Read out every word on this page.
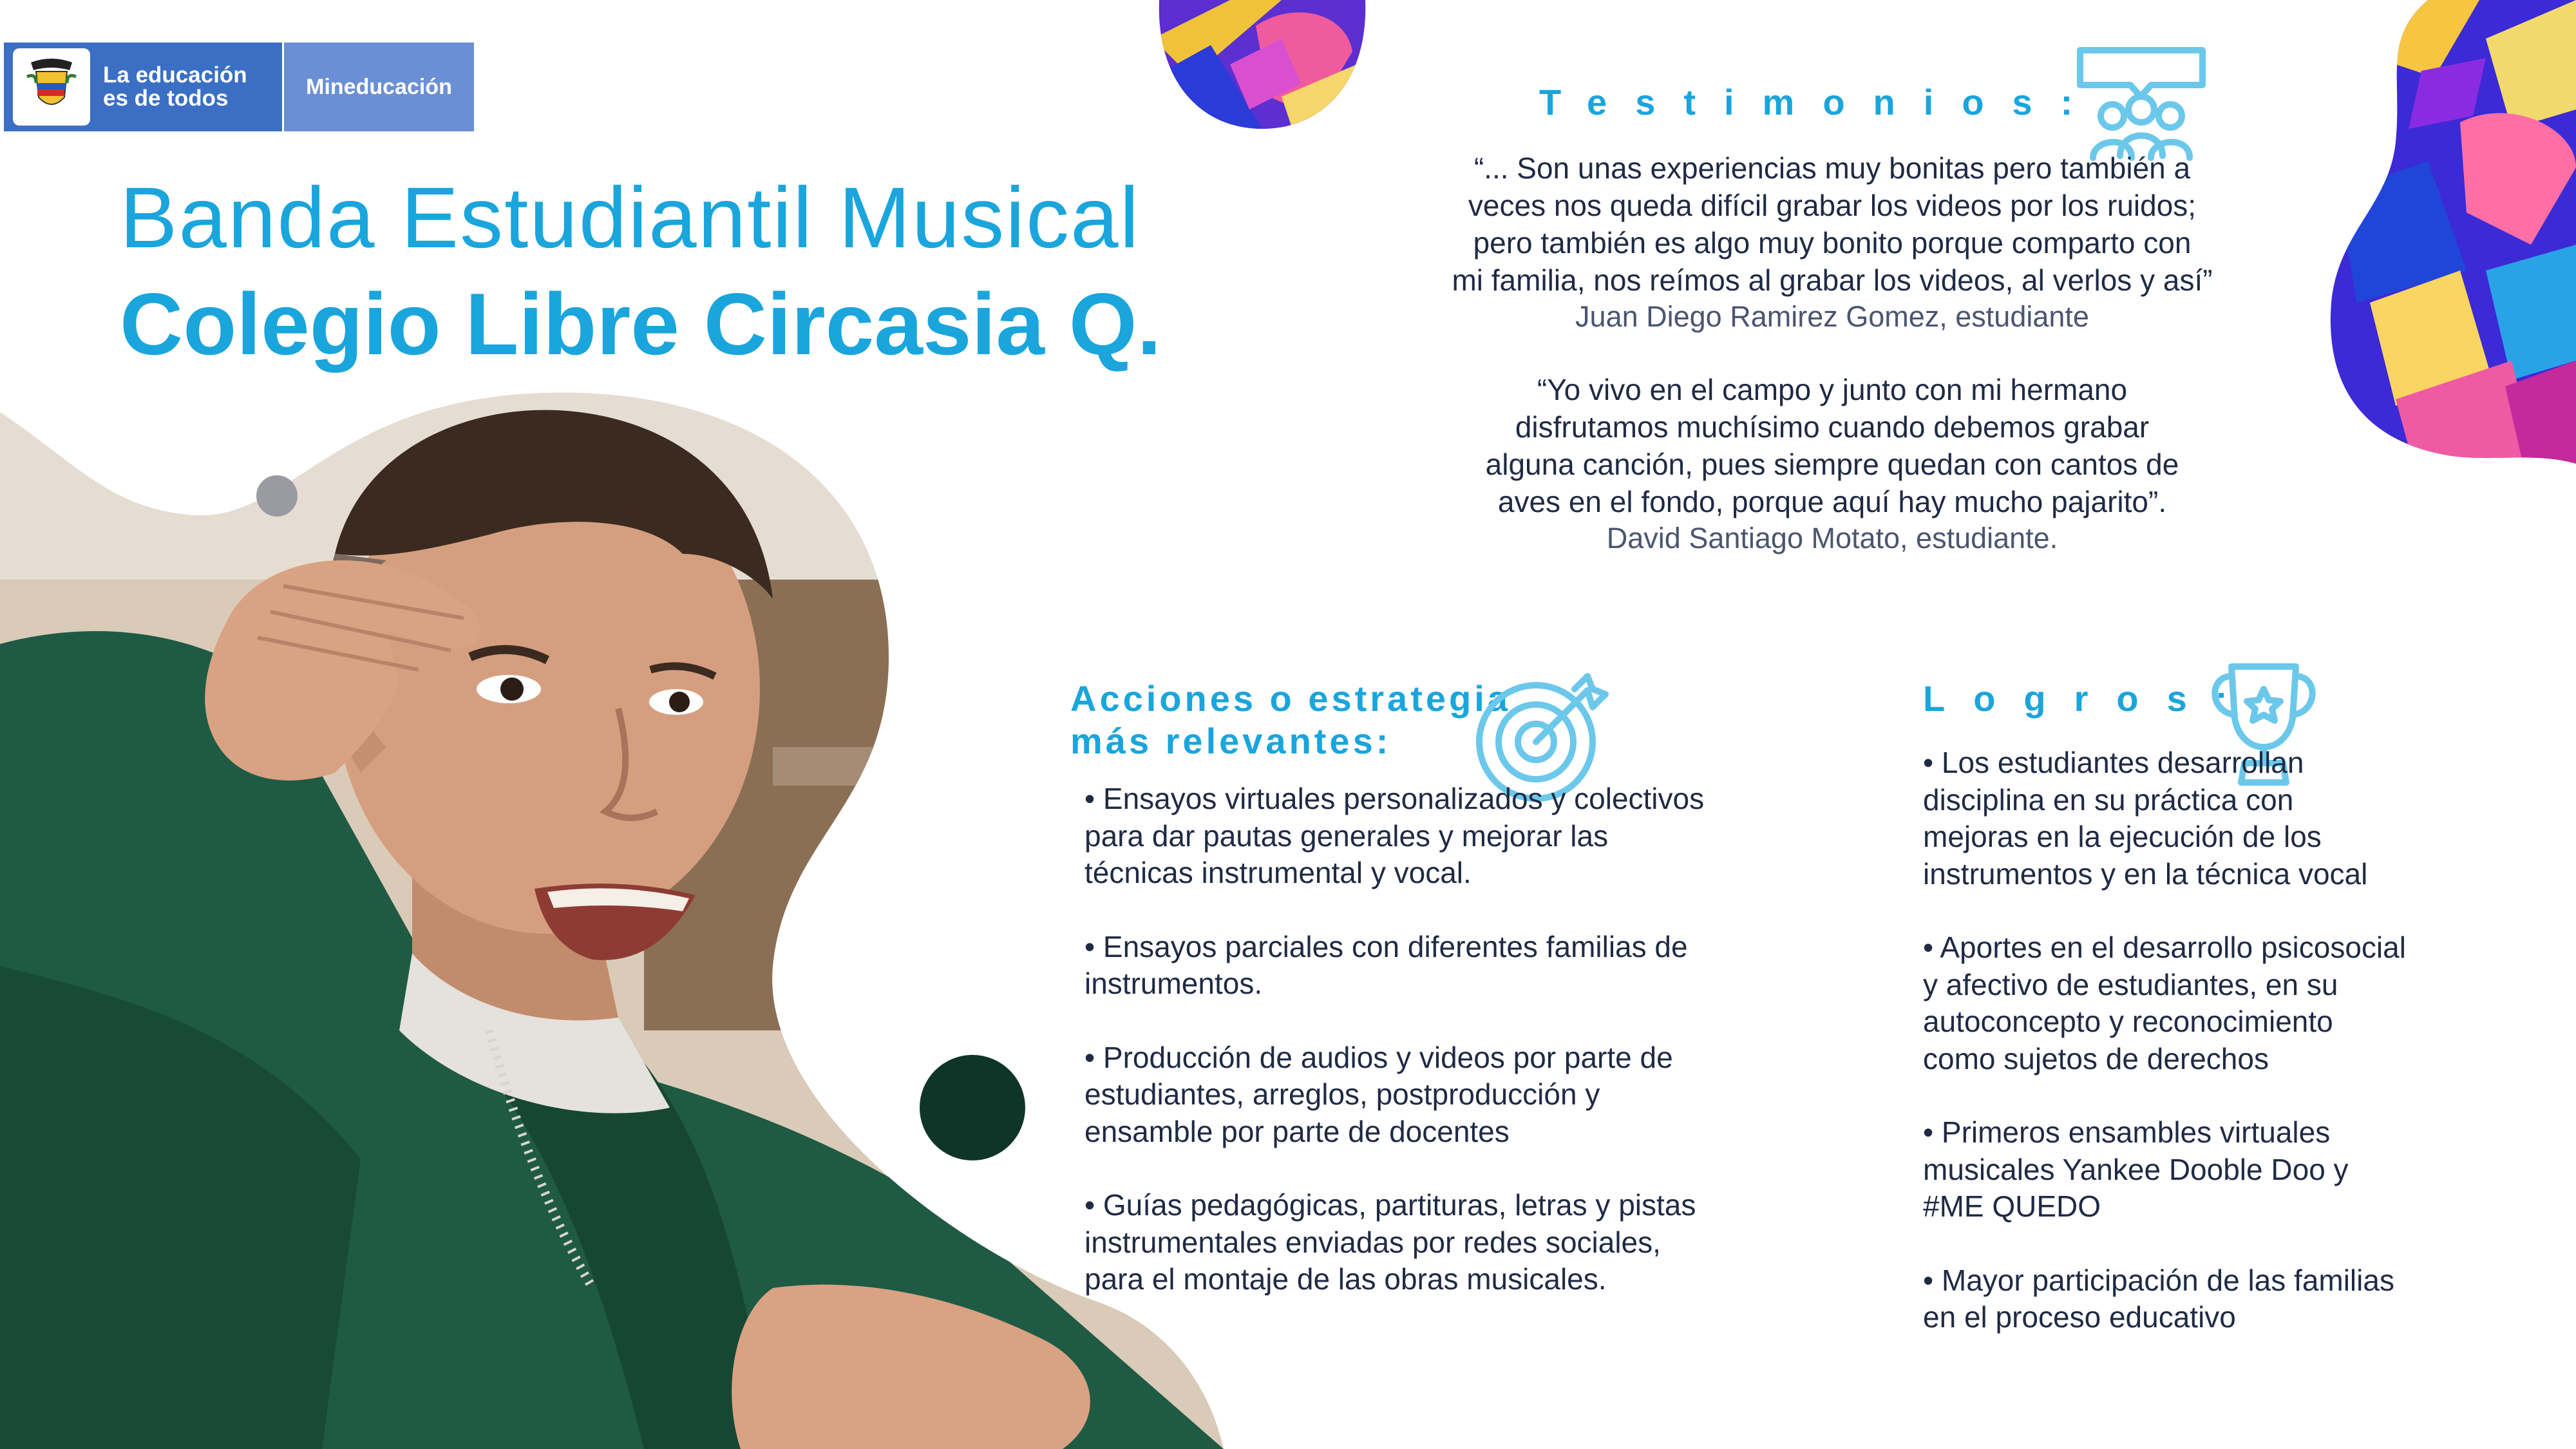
La educación
es de todos	Mineducación
Banda Estudiantil Musical
Colegio Libre Circasia Q.
Testimonios:
“... Son unas experiencias muy bonitas pero también a
veces nos queda difícil grabar los videos por los ruidos;
pero también es algo muy bonito porque comparto con
mi familia, nos reímos al grabar los videos, al verlos y así”
Juan Diego Ramirez Gomez, estudiante
“Yo vivo en el campo y junto con mi hermano
disfrutamos muchísimo cuando debemos grabar
alguna canción, pues siempre quedan con cantos de
aves en el fondo, porque aquí hay mucho pajarito”.
David Santiago Motato, estudiante.
Acciones o estrategia
más relevantes:

• Ensayos virtuales personalizados y colectivos
para dar pautas generales y mejorar las
técnicas instrumental y vocal.

• Ensayos parciales con diferentes familias de
instrumentos.

• Producción de audios y videos por parte de
estudiantes, arreglos, postproducción y
ensamble por parte de docentes

• Guías pedagógicas, partituras, letras y pistas
instrumentales enviadas por redes sociales,
para el montaje de las obras musicales.

Logros:

• Los estudiantes desarrollan
disciplina en su práctica con
mejoras en la ejecución de los
instrumentos y en la técnica vocal

• Aportes en el desarrollo psicosocial
y afectivo de estudiantes, en su
autoconcepto y reconocimiento
como sujetos de derechos

• Primeros ensambles virtuales
musicales Yankee Dooble Doo y
#ME QUEDO

• Mayor participación de las familias
en el proceso educativo
